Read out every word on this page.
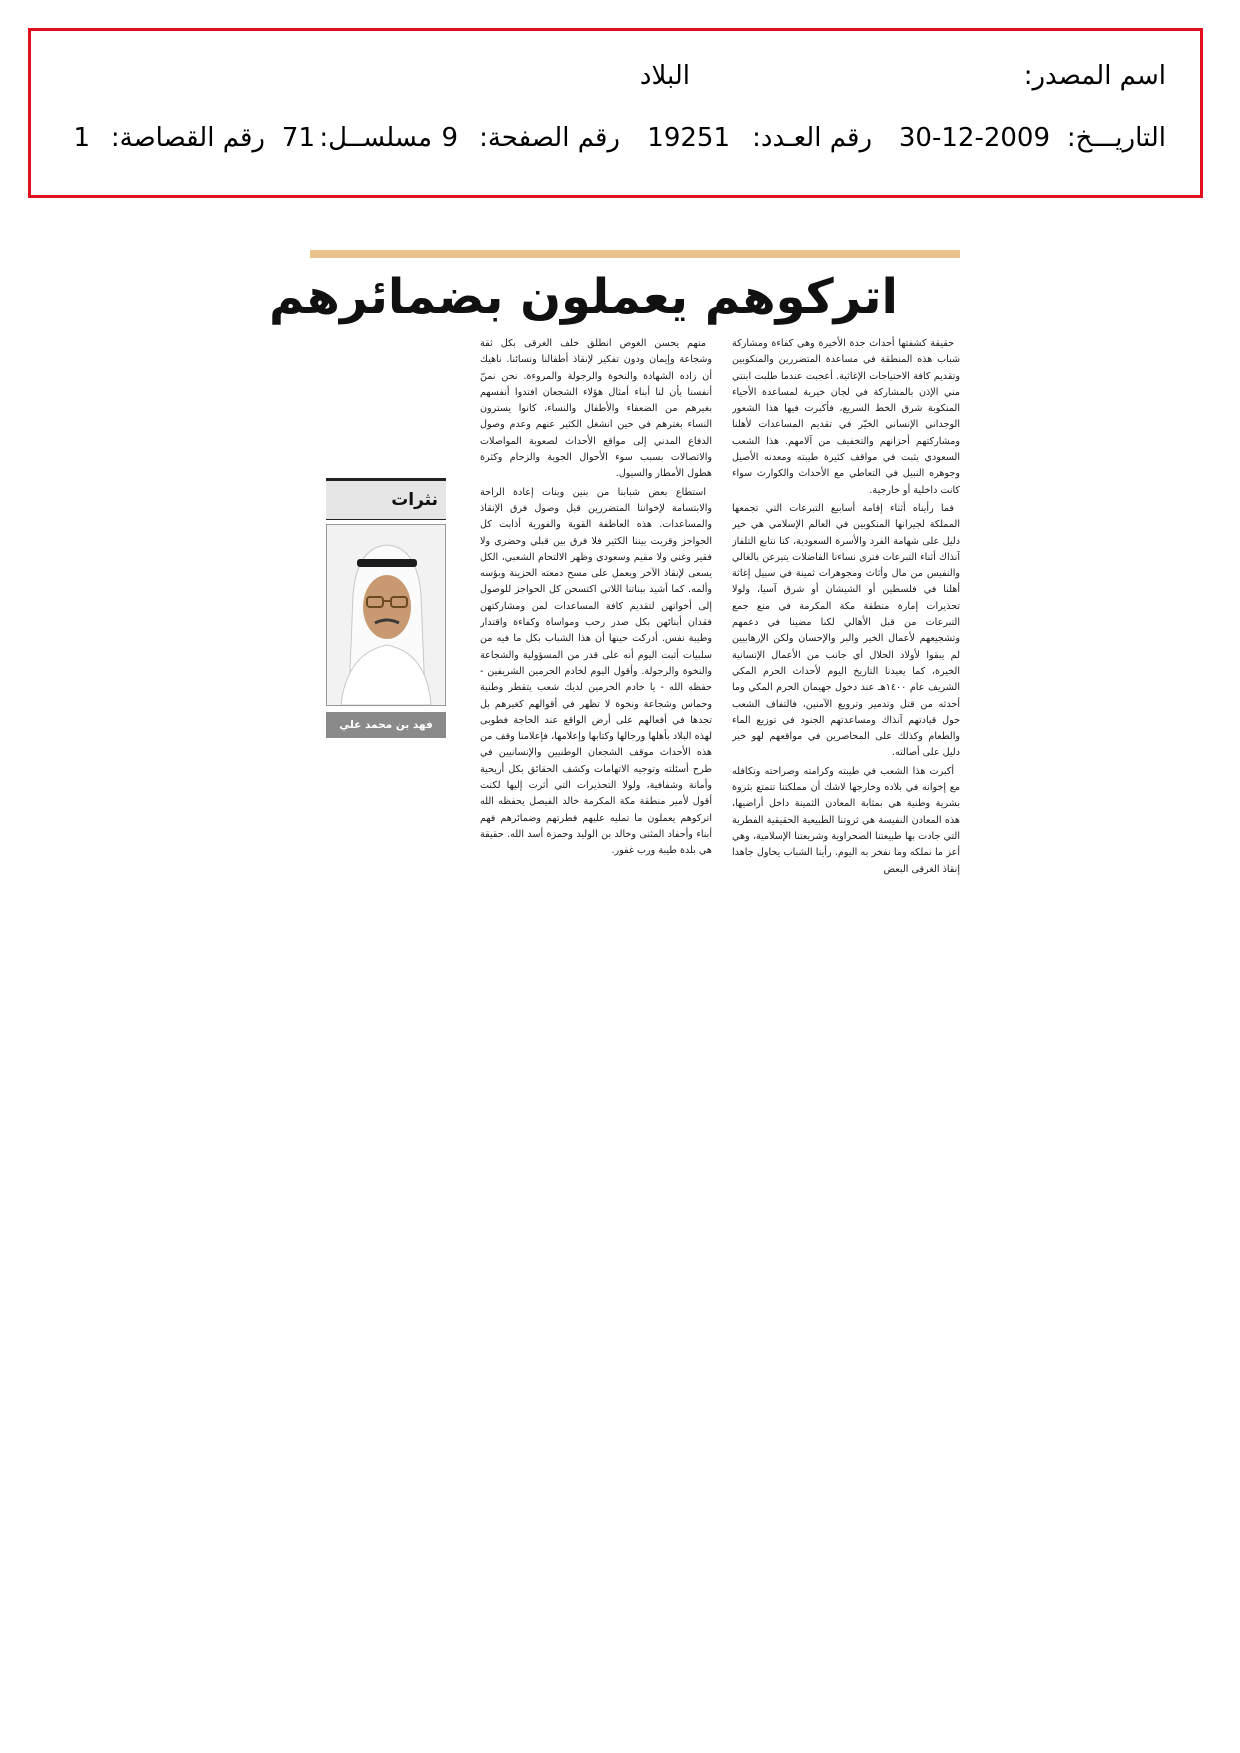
اسم المصدر:
البلاد
التاريـــخ:
30-12-2009
رقم العـدد:
19251
رقم الصفحة:
9
مسلســل:
71
رقم القصاصة:
1
اتركوهم يعملون بضمائرهم

حقيقة كشفتها أحداث جدة الأخيرة وهي كفاءة ومشاركة شباب هذه المنطقة في مساعدة المتضررين والمنكوبين وتقديم كافة الاحتياجات الإغاثية. أعجبت عندما طلبت ابنتي مني الإذن بالمشاركة في لجان خيرية لمساعدة الأحياء المنكوبة شرق الخط السريع، فأكبرت فيها هذا الشعور الوجداني الإنساني الخيّر في تقديم المساعدات لأهلنا ومشاركتهم أحزانهم والتخفيف من آلامهم. هذا الشعب السعودي يثبت في مواقف كثيرة طيبته ومعدنه الأصيل وجوهره النبيل في التعاطي مع الأحداث والكوارث سواء كانت داخلية أو خارجية.

فما رأيناه أثناء إقامة أسابيع التبرعات التي تجمعها المملكة لجيرانها المنكوبين في العالم الإسلامي هي خير دليل على شهامة الفرد والأسرة السعودية، كنا نتابع التلفاز آنذاك أثناء التبرعات فنرى نساءنا الفاضلات يتبرعن بالغالي والنفيس من مال وأثاث ومجوهرات ثمينة في سبيل إغاثة أهلنا في فلسطين أو الشيشان أو شرق آسيا، ولولا تحذيرات إمارة منطقة مكة المكرمة في منع جمع التبرعات من قبل الأهالي لكنا مضينا في دعمهم وتشجيعهم لأعمال الخير والبر والإحسان ولكن الإرهابيين لم يبقوا لأولاد الحلال أي جانب من الأعمال الإنسانية الخيرة، كما يعيدنا التاريخ اليوم لأحداث الحرم المكي الشريف عام ١٤٠٠هـ عند دخول جهيمان الحرم المكي وما أحدثه من قتل وتدمير وترويع الآمنين، فالتفاف الشعب حول قيادتهم آنذاك ومساعدتهم الجنود في توزيع الماء والطعام وكذلك على المحاصرين في مواقعهم لهو خير دليل على أصالته.

أكبرت هذا الشعب في طيبته وكرامته وصراحته وتكافله مع إخوانه في بلاده وخارجها لاشك أن مملكتنا تتمتع بثروة بشرية وطنية هي بمثابة المعادن الثمينة داخل أراضيها، هذه المعادن النفيسة هي ثروتنا الطبيعية الحقيقية الفطرية التي جادت بها طبيعتنا الصحراوية وشريعتنا الإسلامية، وهي أعز ما نملكه وما نفخر به اليوم. رأينا الشباب يحاول جاهدا إنقاذ الغرقى البعض

منهم يحسن الغوص انطلق خلف الغرقى بكل ثقة وشجاعة وإيمان ودون تفكير لإنقاذ أطفالنا ونسائنا. ناهيك أن زاده الشهادة والنخوة والرجولة والمروءة. نحن نمنّ أنفسنا بأن لنا أبناء أمثال هؤلاء الشجعان افتدوا أنفسهم بغيرهم من الضعفاء والأطفال والنساء، كانوا يسترون النساء بغترهم في حين انشغل الكثير عنهم وعدم وصول الدفاع المدني إلى مواقع الأحداث لصعوبة المواصلات والاتصالات بسبب سوء الأحوال الجوية والزحام وكثرة هطول الأمطار والسيول.

استطاع بعض شبابنا من بنين وبنات إعادة الراحة والابتسامة لإخواننا المتضررين قبل وصول فرق الإنقاذ والمساعدات. هذه العاطفة القوية والفورية أذابت كل الحواجز وقربت بيننا الكثير فلا فرق بين قبلي وحضري ولا فقير وغني ولا مقيم وسعودي وظهر الالتحام الشعبي، الكل يسعى لإنقاذ الآخر ويعمل على مسح دمعته الحزينة وبؤسه وألمه. كما أشيد ببناتنا اللاتي اكتسحن كل الحواجز للوصول إلى أخواتهن لتقديم كافة المساعدات لمن ومشاركتهن فقدان أبنائهن بكل صدر رحب ومواساة وكفاءة واقتدار وطيبة نفس. أدركت حينها أن هذا الشباب بكل ما فيه من سلبيات أثبت اليوم أنه على قدر من المسؤولية والشجاعة والنخوة والرجولة. وأقول اليوم لخادم الحرمين الشريفين - حفظه الله - يا خادم الحرمين لديك شعب يتقطر وطنية وحماس وشجاعة ونخوة لا تظهر في أقوالهم كغيرهم بل تجدها في أفعالهم على أرض الواقع عند الحاجة فطوبى لهذه البلاد بأهلها ورجالها وكتابها وإعلامها، فإعلامنا وقف من هذه الأحداث موقف الشجعان الوطنيين والإنسانيين في طرح أسئلته وتوجيه الاتهامات وكشف الحقائق بكل أريحية وأمانة وشفافية، ولولا التحذيرات التي أثرت إليها لكنت أقول لأمير منطقة مكة المكرمة خالد الفيصل يحفظه الله اتركوهم يعملون ما تمليه عليهم فطرتهم وضمائرهم فهم أبناء وأحفاد المثنى وخالد بن الوليد وحمزة أسد الله. حقيقة هي بلدة طيبة ورب غفور.

نثرات
فهد بن محمد علي الغزاوي
